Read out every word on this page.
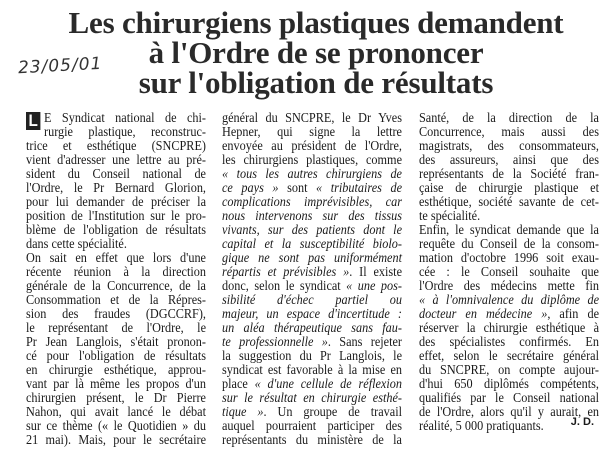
Les chirurgiens plastiques demandent
à l'Ordre de se prononcer
sur l'obligation de résultats
23/05/01
L E Syndicat national de chi-
rurgie plastique, reconstruc-
trice et esthétique (SNCPRE)
vient d'adresser une lettre au pré-
sident du Conseil national de
l'Ordre, le Pr Bernard Glorion,
pour lui demander de préciser la
position de l'Institution sur le pro-
blème de l'obligation de résultats
dans cette spécialité.
On sait en effet que lors d'une
récente réunion à la direction
générale de la Concurrence, de la
Consommation et de la Répres-
sion des fraudes (DGCCRF),
le représentant de l'Ordre, le
Pr Jean Langlois, s'était pronon-
cé pour l'obligation de résultats
en chirurgie esthétique, approu-
vant par là même les propos d'un
chirurgien présent, le Dr Pierre
Nahon, qui avait lancé le débat
sur ce thème (« le Quotidien » du
21 mai). Mais, pour le secrétaire
général du SNCPRE, le Dr Yves
Hepner, qui signe la lettre
envoyée au président de l'Ordre,
les chirurgiens plastiques, comme
« tous les autres chirurgiens de
ce pays » sont « tributaires de
complications imprévisibles, car
nous intervenons sur des tissus
vivants, sur des patients dont le
capital et la susceptibilité biolo-
gique ne sont pas uniformément
répartis et prévisibles ». Il existe
donc, selon le syndicat « une pos-
sibilité d'échec partiel ou
majeur, un espace d'incertitude :
un aléa thérapeutique sans fau-
te professionnelle ». Sans rejeter
la suggestion du Pr Langlois, le
syndicat est favorable à la mise en
place « d'une cellule de réflexion
sur le résultat en chirurgie esthé-
tique ». Un groupe de travail
auquel pourraient participer des
représentants du ministère de la
Santé, de la direction de la
Concurrence, mais aussi des
magistrats, des consommateurs,
des assureurs, ainsi que des
représentants de la Société fran-
çaise de chirurgie plastique et
esthétique, société savante de cet-
te spécialité.
Enfin, le syndicat demande que la
requête du Conseil de la consom-
mation d'octobre 1996 soit exau-
cée : le Conseil souhaite que
l'Ordre des médecins mette fin
« à l'omnivalence du diplôme de
docteur en médecine », afin de
réserver la chirurgie esthétique à
des spécialistes confirmés. En
effet, selon le secrétaire général
du SNCPRE, on compte aujour-
d'hui 650 diplômés compétents,
qualifiés par le Conseil national
de l'Ordre, alors qu'il y aurait, en
réalité, 5 000 pratiquants.	J. D.
